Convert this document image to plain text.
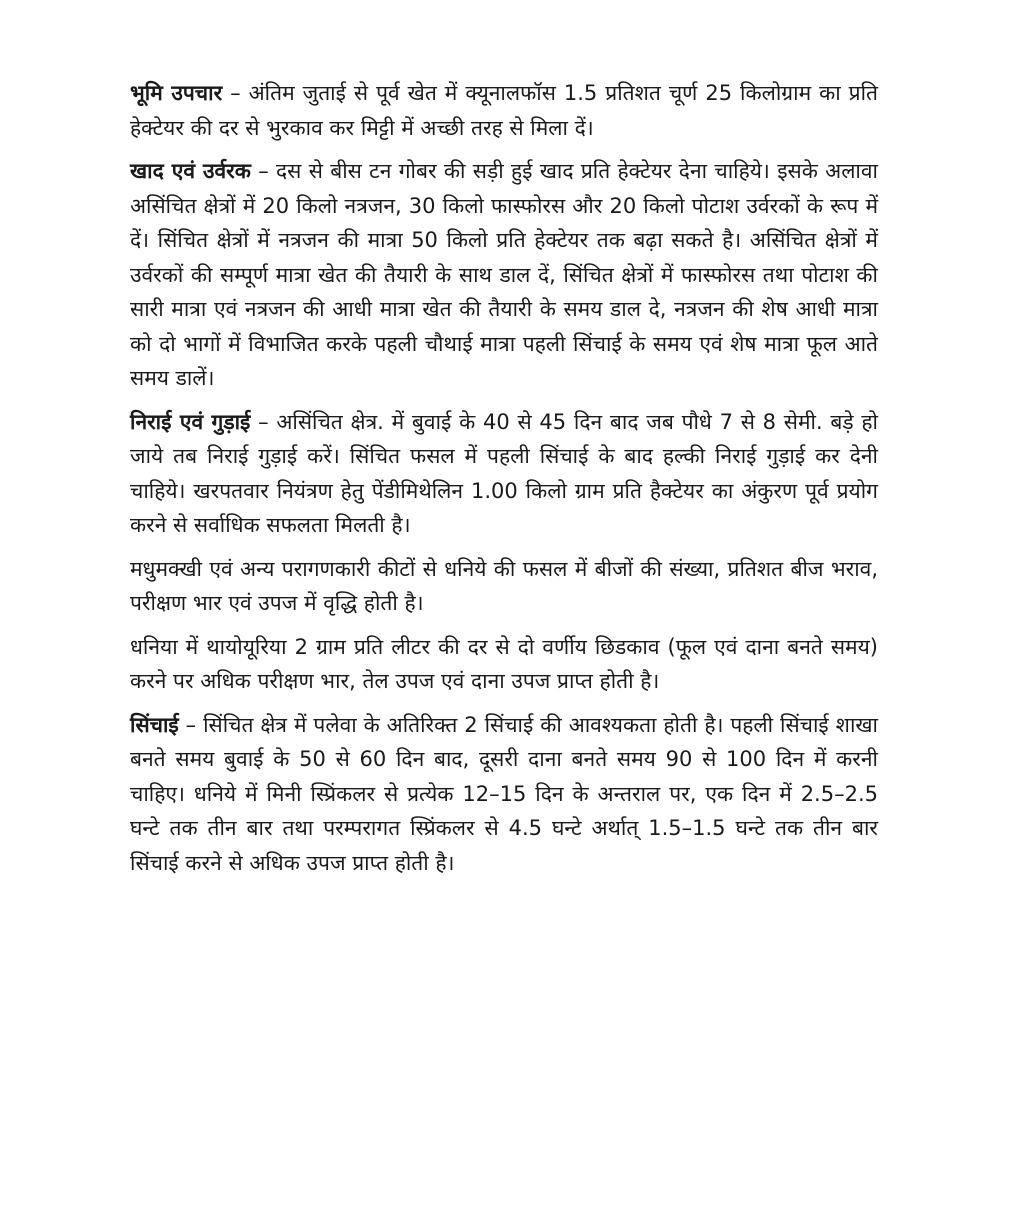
भूमि उपचार – अंतिम जुताई से पूर्व खेत में क्यूनालफॉस 1.5 प्रतिशत चूर्ण 25 किलोग्राम का प्रति हेक्टेयर की दर से भुरकाव कर मिट्टी में अच्छी तरह से मिला दें।

खाद एवं उर्वरक – दस से बीस टन गोबर की सड़ी हुई खाद प्रति हेक्टेयर देना चाहिये। इसके अलावा असिंचित क्षेत्रों में 20 किलो नत्रजन, 30 किलो फास्फोरस और 20 किलो पोटाश उर्वरकों के रूप में दें। सिंचित क्षेत्रों में नत्रजन की मात्रा 50 किलो प्रति हेक्टेयर तक बढ़ा सकते है। असिंचित क्षेत्रों में उर्वरकों की सम्पूर्ण मात्रा खेत की तैयारी के साथ डाल दें, सिंचित क्षेत्रों में फास्फोरस तथा पोटाश की सारी मात्रा एवं नत्रजन की आधी मात्रा खेत की तैयारी के समय डाल दे, नत्रजन की शेष आधी मात्रा को दो भागों में विभाजित करके पहली चौथाई मात्रा पहली सिंचाई के समय एवं शेष मात्रा फूल आते समय डालें।

निराई एवं गुड़ाई – असिंचित क्षेत्र. में बुवाई के 40 से 45 दिन बाद जब पौधे 7 से 8 सेमी. बड़े हो जाये तब निराई गुड़ाई करें। सिंचित फसल में पहली सिंचाई के बाद हल्की निराई गुड़ाई कर देनी चाहिये। खरपतवार नियंत्रण हेतु पेंडीमिथेलिन 1.00 किलो ग्राम प्रति हैक्टेयर का अंकुरण पूर्व प्रयोग करने से सर्वाधिक सफलता मिलती है।

मधुमक्खी एवं अन्य परागणकारी कीटों से धनिये की फसल में बीजों की संख्या, प्रतिशत बीज भराव, परीक्षण भार एवं उपज में वृद्धि होती है।

धनिया में थायोयूरिया 2 ग्राम प्रति लीटर की दर से दो वर्णीय छिडकाव (फूल एवं दाना बनते समय) करने पर अधिक परीक्षण भार, तेल उपज एवं दाना उपज प्राप्त होती है।

सिंचाई – सिंचित क्षेत्र में पलेवा के अतिरिक्त 2 सिंचाई की आवश्यकता होती है। पहली सिंचाई शाखा बनते समय बुवाई के 50 से 60 दिन बाद, दूसरी दाना बनते समय 90 से 100 दिन में करनी चाहिए। धनिये में मिनी स्प्रिंकलर से प्रत्येक 12–15 दिन के अन्तराल पर, एक दिन में 2.5–2.5 घन्टे तक तीन बार तथा परम्परागत स्प्रिंकलर से 4.5 घन्टे अर्थात् 1.5–1.5 घन्टे तक तीन बार सिंचाई करने से अधिक उपज प्राप्त होती है।
